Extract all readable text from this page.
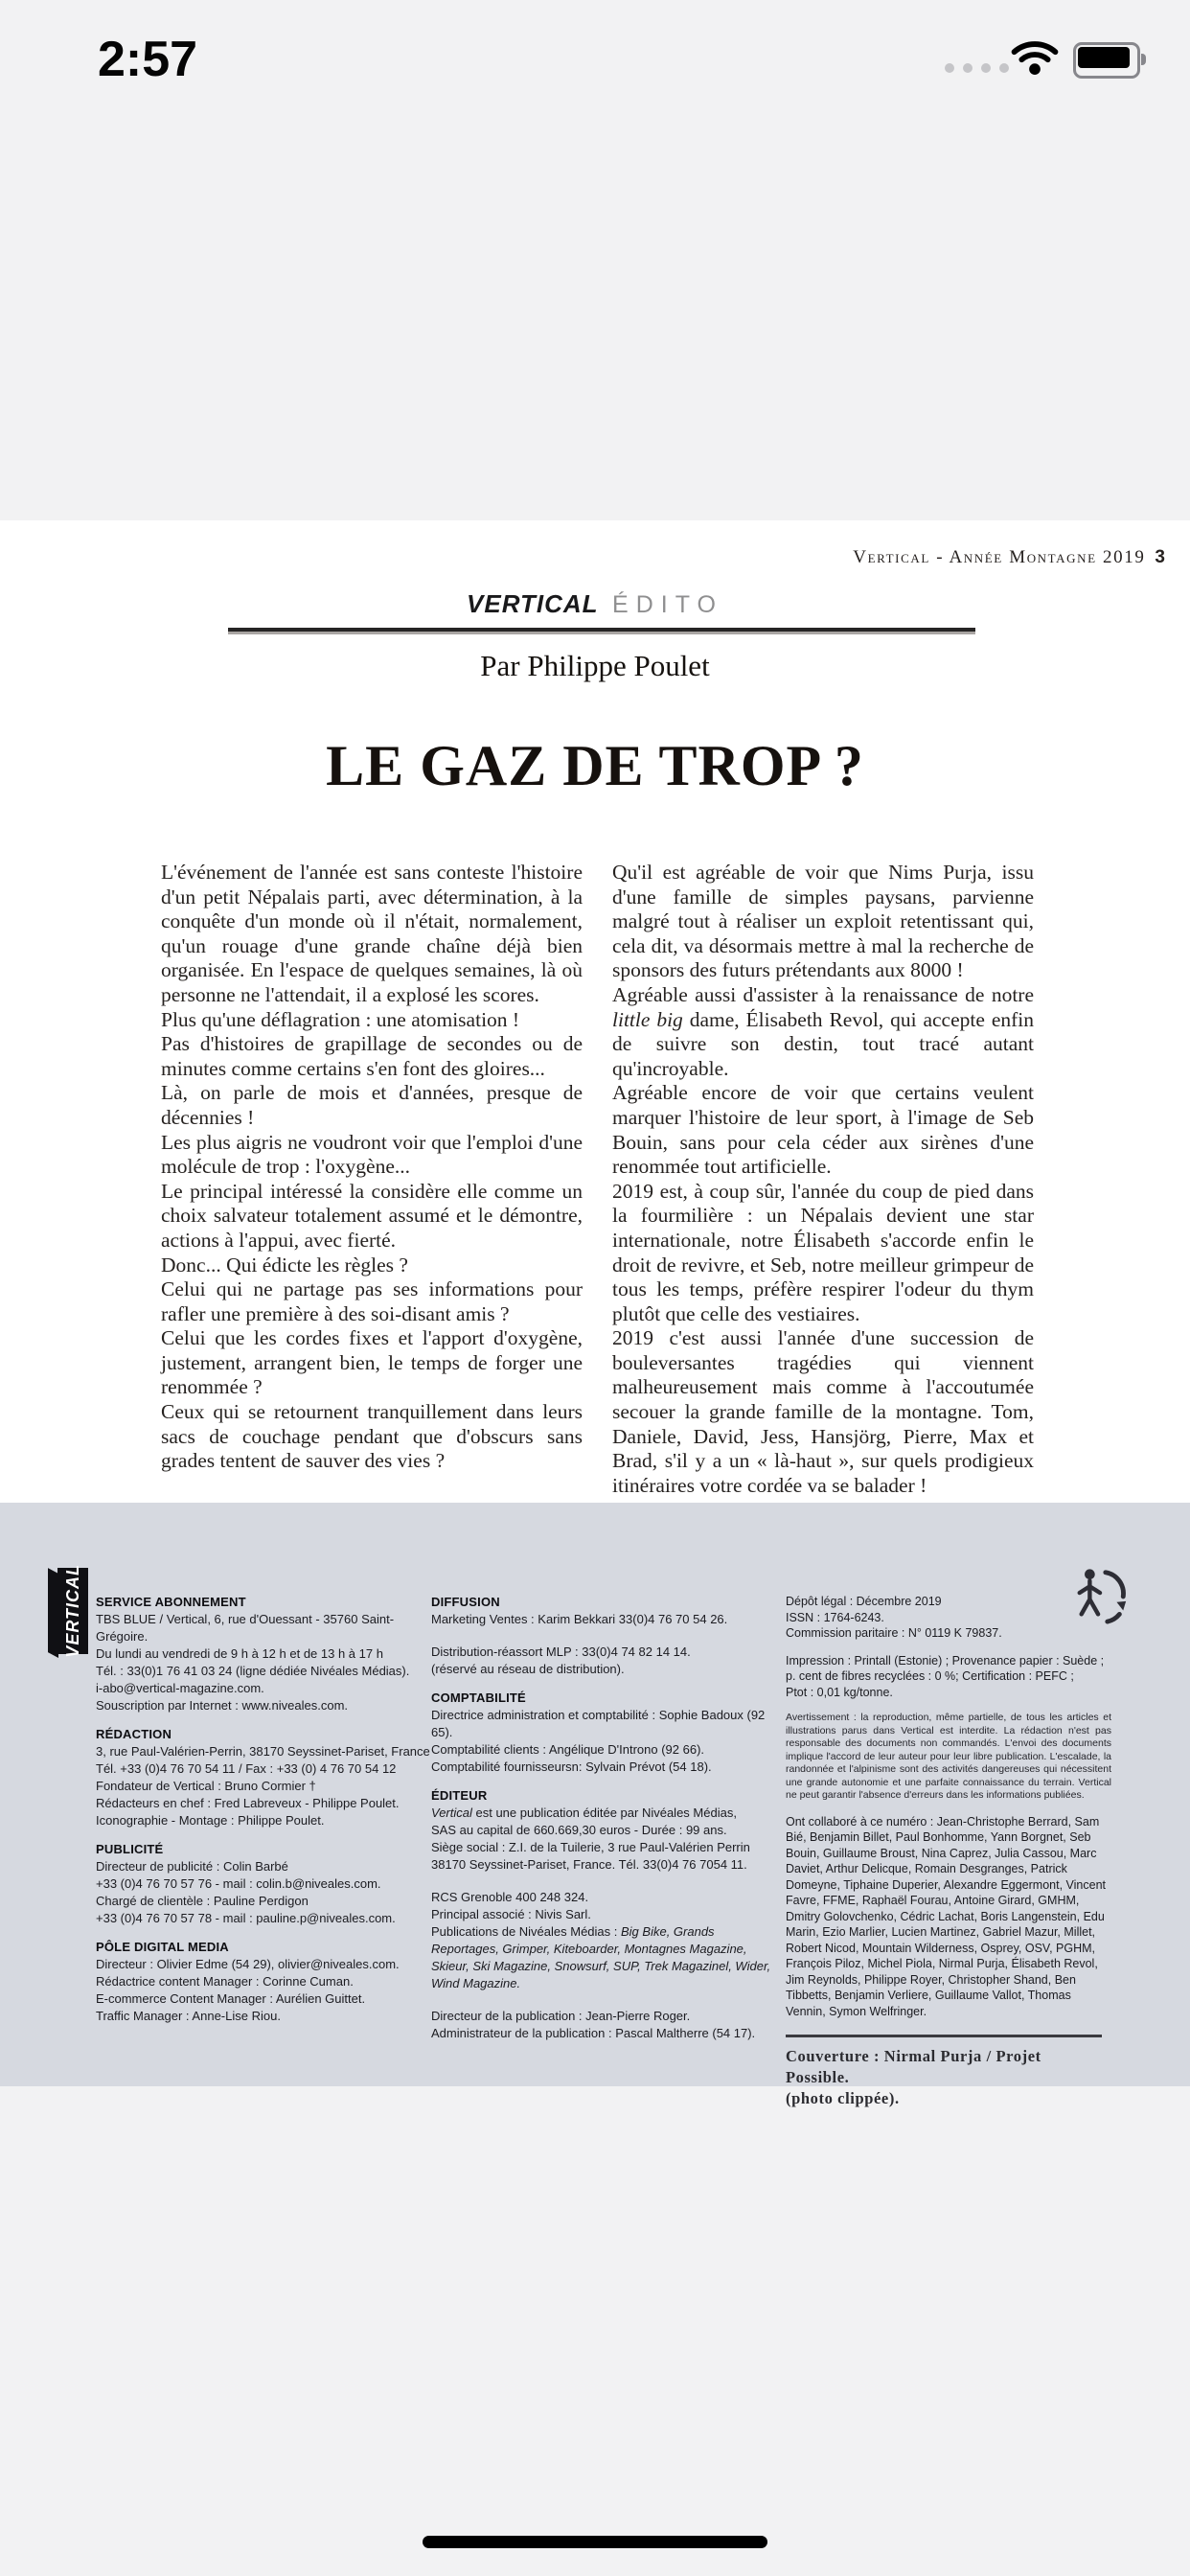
2:57
Vertical - Année Montagne 2019 3
VERTICAL ÉDITO
Par Philippe Poulet
LE GAZ DE TROP ?

L'événement de l'année est sans conteste l'histoire d'un petit Népalais parti, avec détermination, à la conquête d'un monde où il n'était, normalement, qu'un rouage d'une grande chaîne déjà bien organisée. En l'espace de quelques semaines, là où personne ne l'attendait, il a explosé les scores.

Plus qu'une déflagration : une atomisation !

Pas d'histoires de grapillage de secondes ou de minutes comme certains s'en font des gloires...

Là, on parle de mois et d'années, presque de décennies !

Les plus aigris ne voudront voir que l'emploi d'une molécule de trop : l'oxygène...

Le principal intéressé la considère elle comme un choix salvateur totalement assumé et le démontre, actions à l'appui, avec fierté.

Donc... Qui édicte les règles ?

Celui qui ne partage pas ses informations pour rafler une première à des soi-disant amis ?

Celui que les cordes fixes et l'apport d'oxygène, justement, arrangent bien, le temps de forger une renommée ?

Ceux qui se retournent tranquillement dans leurs sacs de couchage pendant que d'obscurs sans grades tentent de sauver des vies ?

Qu'il est agréable de voir que Nims Purja, issu d'une famille de simples paysans, parvienne malgré tout à réaliser un exploit retentissant qui, cela dit, va désormais mettre à mal la recherche de sponsors des futurs prétendants aux 8000 !

Agréable aussi d'assister à la renaissance de notre little big dame, Élisabeth Revol, qui accepte enfin de suivre son destin, tout tracé autant qu'incroyable.

Agréable encore de voir que certains veulent marquer l'histoire de leur sport, à l'image de Seb Bouin, sans pour cela céder aux sirènes d'une renommée tout artificielle.

2019 est, à coup sûr, l'année du coup de pied dans la fourmilière : un Népalais devient une star internationale, notre Élisabeth s'accorde enfin le droit de revivre, et Seb, notre meilleur grimpeur de tous les temps, préfère respirer l'odeur du thym plutôt que celle des vestiaires.

2019 c'est aussi l'année d'une succession de bouleversantes tragédies qui viennent malheureusement mais comme à l'accoutumée secouer la grande famille de la montagne. Tom, Daniele, David, Jess, Hansjörg, Pierre, Max et Brad, s'il y a un « là-haut », sur quels prodigieux itinéraires votre cordée va se balader !

VERTICAL SERVICE ABONNEMENT
TBS BLUE / Vertical, 6, rue d'Ouessant - 35760 Saint-Grégoire.
Du lundi au vendredi de 9 h à 12 h et de 13 h à 17 h
Tél. : 33(0)1 76 41 03 24 (ligne dédiée Nivéales Médias).
i-abo@vertical-magazine.com.
Souscription par Internet : www.niveales.com.
RÉDACTION
3, rue Paul-Valérien-Perrin, 38170 Seyssinet-Pariset, France
Tél. +33 (0)4 76 70 54 11 / Fax : +33 (0) 4 76 70 54 12
Fondateur de Vertical : Bruno Cormier †
Rédacteurs en chef : Fred Labreveux - Philippe Poulet.
Iconographie - Montage : Philippe Poulet.
PUBLICITÉ
Directeur de publicité : Colin Barbé
+33 (0)4 76 70 57 76 - mail : colin.b@niveales.com.
Chargé de clientèle : Pauline Perdigon
+33 (0)4 76 70 57 78 - mail : pauline.p@niveales.com.
PÔLE DIGITAL MEDIA
Directeur : Olivier Edme (54 29), olivier@niveales.com.
Rédactrice content Manager : Corinne Cuman.
E-commerce Content Manager : Aurélien Guittet.
Traffic Manager : Anne-Lise Riou.
DIFFUSION
Marketing Ventes : Karim Bekkari 33(0)4 76 70 54 26.
Distribution-réassort MLP : 33(0)4 74 82 14 14.
(réservé au réseau de distribution).
COMPTABILITÉ
Directrice administration et comptabilité : Sophie Badoux (92 65).
Comptabilité clients : Angélique D'Introno (92 66).
Comptabilité fournisseursn: Sylvain Prévot (54 18).
ÉDITEUR
Vertical est une publication éditée par Nivéales Médias,
SAS au capital de 660.669,30 euros - Durée : 99 ans.
Siège social : Z.I. de la Tuilerie, 3 rue Paul-Valérien Perrin
38170 Seyssinet-Pariset, France. Tél. 33(0)4 76 7054 11.
RCS Grenoble 400 248 324.
Principal associé : Nivis Sarl.
Publications de Nivéales Médias : Big Bike, Grands Reportages, Grimper, Kiteboarder, Montagnes Magazine, Skieur, Ski Magazine, Snowsurf, SUP, Trek Magazinel, Wider, Wind Magazine.
Directeur de la publication : Jean-Pierre Roger.
Administrateur de la publication : Pascal Maltherre (54 17).
Dépôt légal : Décembre 2019
ISSN : 1764-6243.
Commission paritaire : N° 0119 K 79837.
Impression : Printall (Estonie) ; Provenance papier : Suède ;
p. cent de fibres recyclées : 0 %; Certification : PEFC ;
Ptot : 0,01 kg/tonne.
Avertissement : la reproduction, même partielle, de tous les articles et illustrations parus dans Vertical est interdite. La rédaction n'est pas responsable des documents non commandés. L'envoi des documents implique l'accord de leur auteur pour leur libre publication. L'escalade, la randonnée et l'alpinisme sont des activités dangereuses qui nécessitent une grande autonomie et une parfaite connaissance du terrain. Vertical ne peut garantir l'absence d'erreurs dans les informations publiées.
Ont collaboré à ce numéro : Jean-Christophe Berrard, Sam Bié, Benjamin Billet, Paul Bonhomme, Yann Borgnet, Seb Bouin, Guillaume Broust, Nina Caprez, Julia Cassou, Marc Daviet, Arthur Delicque, Romain Desgranges, Patrick Domeyne, Tiphaine Duperier, Alexandre Eggermont, Vincent Favre, FFME, Raphaël Fourau, Antoine Girard, GMHM, Dmitry Golovchenko, Cédric Lachat, Boris Langenstein, Edu Marin, Ezio Marlier, Lucien Martinez, Gabriel Mazur, Millet, Robert Nicod, Mountain Wilderness, Osprey, OSV, PGHM, François Piloz, Michel Piola, Nirmal Purja, Élisabeth Revol, Jim Reynolds, Philippe Royer, Christopher Shand, Ben Tibbetts, Benjamin Verliere, Guillaume Vallot, Thomas Vennin, Symon Welfringer.
Couverture : Nirmal Purja / Projet Possible.
(photo clippée).
